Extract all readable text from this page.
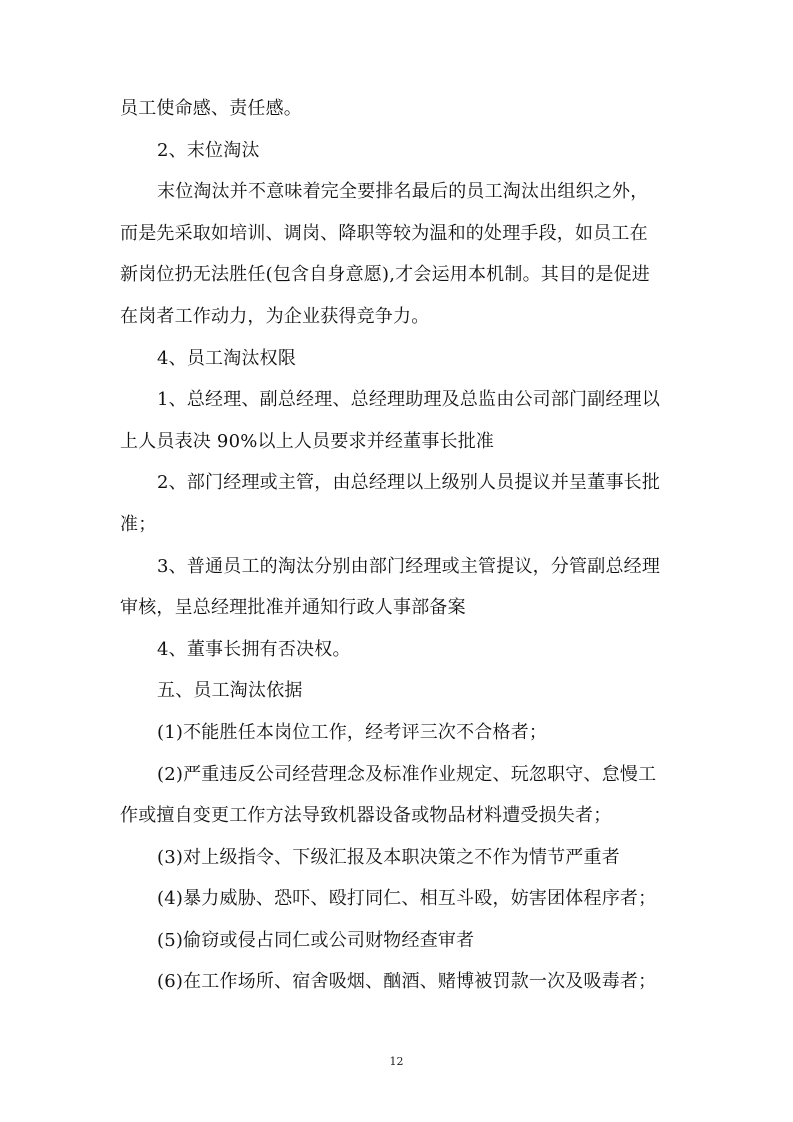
员工使命感、责任感。
2、末位淘汰
末位淘汰并不意味着完全要排名最后的员工淘汰出组织之外，
而是先采取如培训、调岗、降职等较为温和的处理手段，如员工在
新岗位扔无法胜任(包含自身意愿),才会运用本机制。其目的是促进
在岗者工作动力，为企业获得竞争力。
4、员工淘汰权限
1、总经理、副总经理、总经理助理及总监由公司部门副经理以
上人员表决 90%以上人员要求并经董事长批准
2、部门经理或主管，由总经理以上级别人员提议并呈董事长批
准；
3、普通员工的淘汰分别由部门经理或主管提议，分管副总经理
审核，呈总经理批准并通知行政人事部备案
4、董事长拥有否决权。
五、员工淘汰依据
(1)不能胜任本岗位工作，经考评三次不合格者；
(2)严重违反公司经营理念及标准作业规定、玩忽职守、怠慢工
作或擅自变更工作方法导致机器设备或物品材料遭受损失者；
(3)对上级指令、下级汇报及本职决策之不作为情节严重者
(4)暴力威胁、恐吓、殴打同仁、相互斗殴，妨害团体程序者；
(5)偷窃或侵占同仁或公司财物经查审者
(6)在工作场所、宿舍吸烟、酗酒、赌博被罚款一次及吸毒者；
12
